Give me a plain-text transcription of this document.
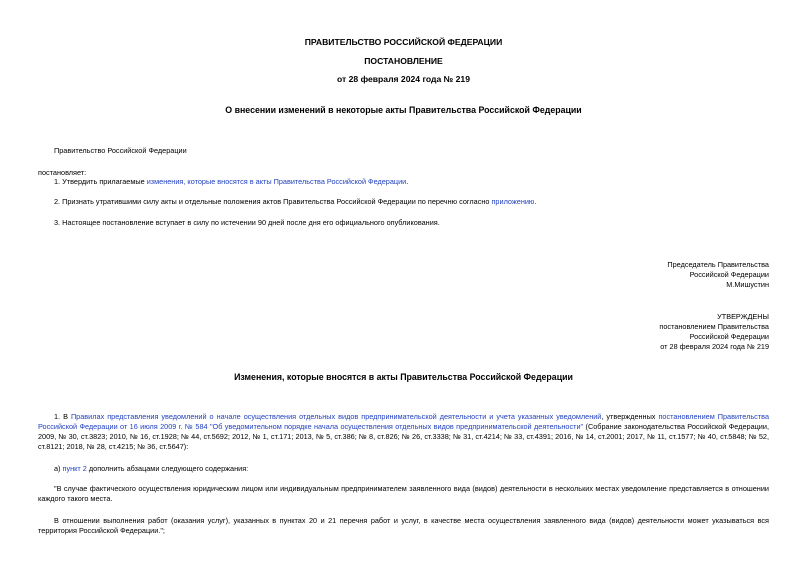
ПРАВИТЕЛЬСТВО РОССИЙСКОЙ ФЕДЕРАЦИИ
ПОСТАНОВЛЕНИЕ
от 28 февраля 2024 года № 219
О внесении изменений в некоторые акты Правительства Российской Федерации
Правительство Российской Федерации
постановляет:
1. Утвердить прилагаемые изменения, которые вносятся в акты Правительства Российской Федерации.
2. Признать утратившими силу акты и отдельные положения актов Правительства Российской Федерации по перечню согласно приложению.
3. Настоящее постановление вступает в силу по истечении 90 дней после дня его официального опубликования.
Председатель Правительства
Российской Федерации
М.Мишустин
УТВЕРЖДЕНЫ
постановлением Правительства
Российской Федерации
от 28 февраля 2024 года № 219
Изменения, которые вносятся в акты Правительства Российской Федерации
1. В Правилах представления уведомлений о начале осуществления отдельных видов предпринимательской деятельности и учета указанных уведомлений, утвержденных постановлением Правительства Российской Федерации от 16 июля 2009 г. № 584 "Об уведомительном порядке начала осуществления отдельных видов предпринимательской деятельности" (Собрание законодательства Российской Федерации, 2009, № 30, ст.3823; 2010, № 16, ст.1928; № 44, ст.5692; 2012, № 1, ст.171; 2013, № 5, ст.386; № 8, ст.826; № 26, ст.3338; № 31, ст.4214; № 33, ст.4391; 2016, № 14, ст.2001; 2017, № 11, ст.1577; № 40, ст.5848; № 52, ст.8121; 2018, № 28, ст.4215; № 36, ст.5647):
а) пункт 2 дополнить абзацами следующего содержания:
"В случае фактического осуществления юридическим лицом или индивидуальным предпринимателем заявленного вида (видов) деятельности в нескольких местах уведомление представляется в отношении каждого такого места.
В отношении выполнения работ (оказания услуг), указанных в пунктах 20 и 21 перечня работ и услуг, в качестве места осуществления заявленного вида (видов) деятельности может указываться вся территория Российской Федерации.";
